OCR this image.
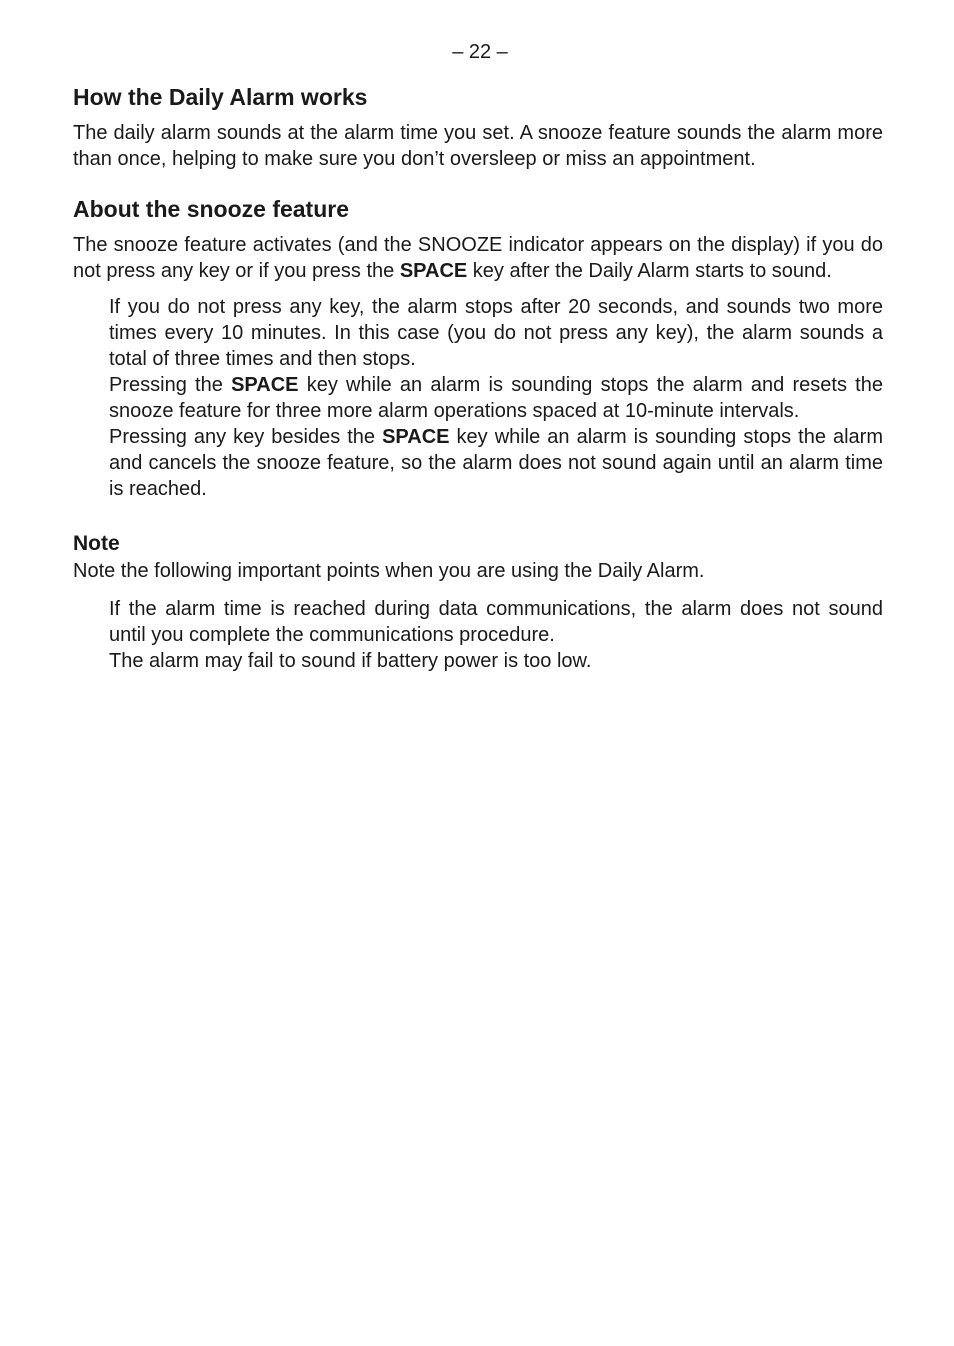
– 22 –
How the Daily Alarm works

The daily alarm sounds at the alarm time you set. A snooze feature sounds the alarm more than once, helping to make sure you don’t oversleep or miss an appointment.

About the snooze feature

The snooze feature activates (and the SNOOZE indicator appears on the display) if you do not press any key or if you press the SPACE key after the Daily Alarm starts to sound.

If you do not press any key, the alarm stops after 20 seconds, and sounds two more times every 10 minutes. In this case (you do not press any key), the alarm sounds a total of three times and then stops.

Pressing the SPACE key while an alarm is sounding stops the alarm and resets the snooze feature for three more alarm operations spaced at 10-minute intervals.

Pressing any key besides the SPACE key while an alarm is sounding stops the alarm and cancels the snooze feature, so the alarm does not sound again until an alarm time is reached.

Note

Note the following important points when you are using the Daily Alarm.

If the alarm time is reached during data communications, the alarm does not sound until you complete the communications procedure.

The alarm may fail to sound if battery power is too low.
